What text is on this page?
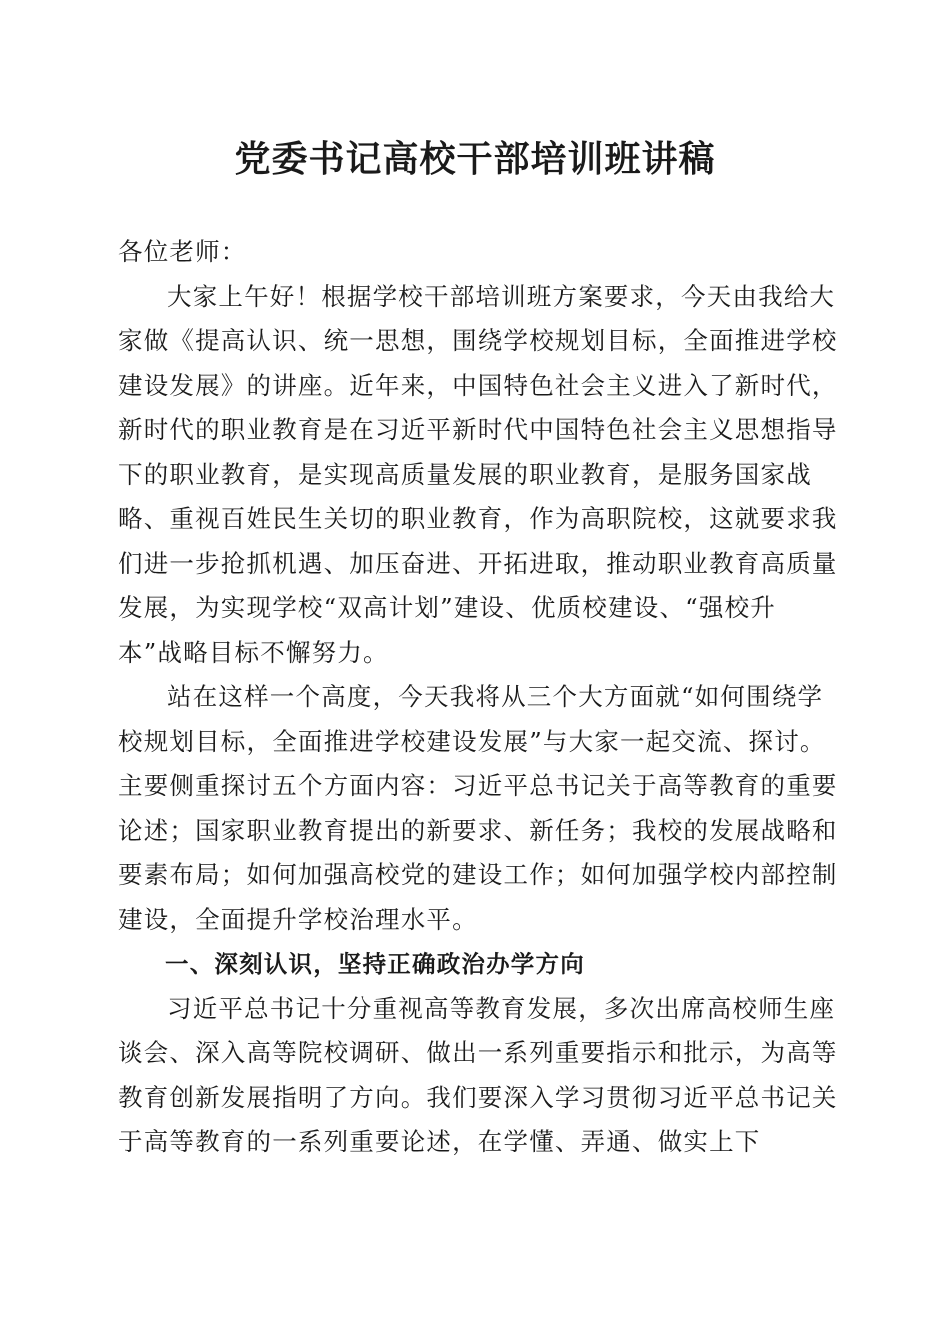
党委书记高校干部培训班讲稿

各位老师：

大家上午好！根据学校干部培训班方案要求，今天由我给大家做《提高认识、统一思想，围绕学校规划目标，全面推进学校建设发展》的讲座。近年来，中国特色社会主义进入了新时代，新时代的职业教育是在习近平新时代中国特色社会主义思想指导下的职业教育，是实现高质量发展的职业教育，是服务国家战略、重视百姓民生关切的职业教育，作为高职院校，这就要求我们进一步抢抓机遇、加压奋进、开拓进取，推动职业教育高质量发展，为实现学校“双高计划”建设、优质校建设、“强校升本”战略目标不懈努力。

站在这样一个高度，今天我将从三个大方面就“如何围绕学校规划目标，全面推进学校建设发展”与大家一起交流、探讨。主要侧重探讨五个方面内容：习近平总书记关于高等教育的重要论述；国家职业教育提出的新要求、新任务；我校的发展战略和要素布局；如何加强高校党的建设工作；如何加强学校内部控制建设，全面提升学校治理水平。

一、深刻认识，坚持正确政治办学方向

习近平总书记十分重视高等教育发展，多次出席高校师生座谈会、深入高等院校调研、做出一系列重要指示和批示，为高等教育创新发展指明了方向。我们要深入学习贯彻习近平总书记关于高等教育的一系列重要论述，在学懂、弄通、做实上下
